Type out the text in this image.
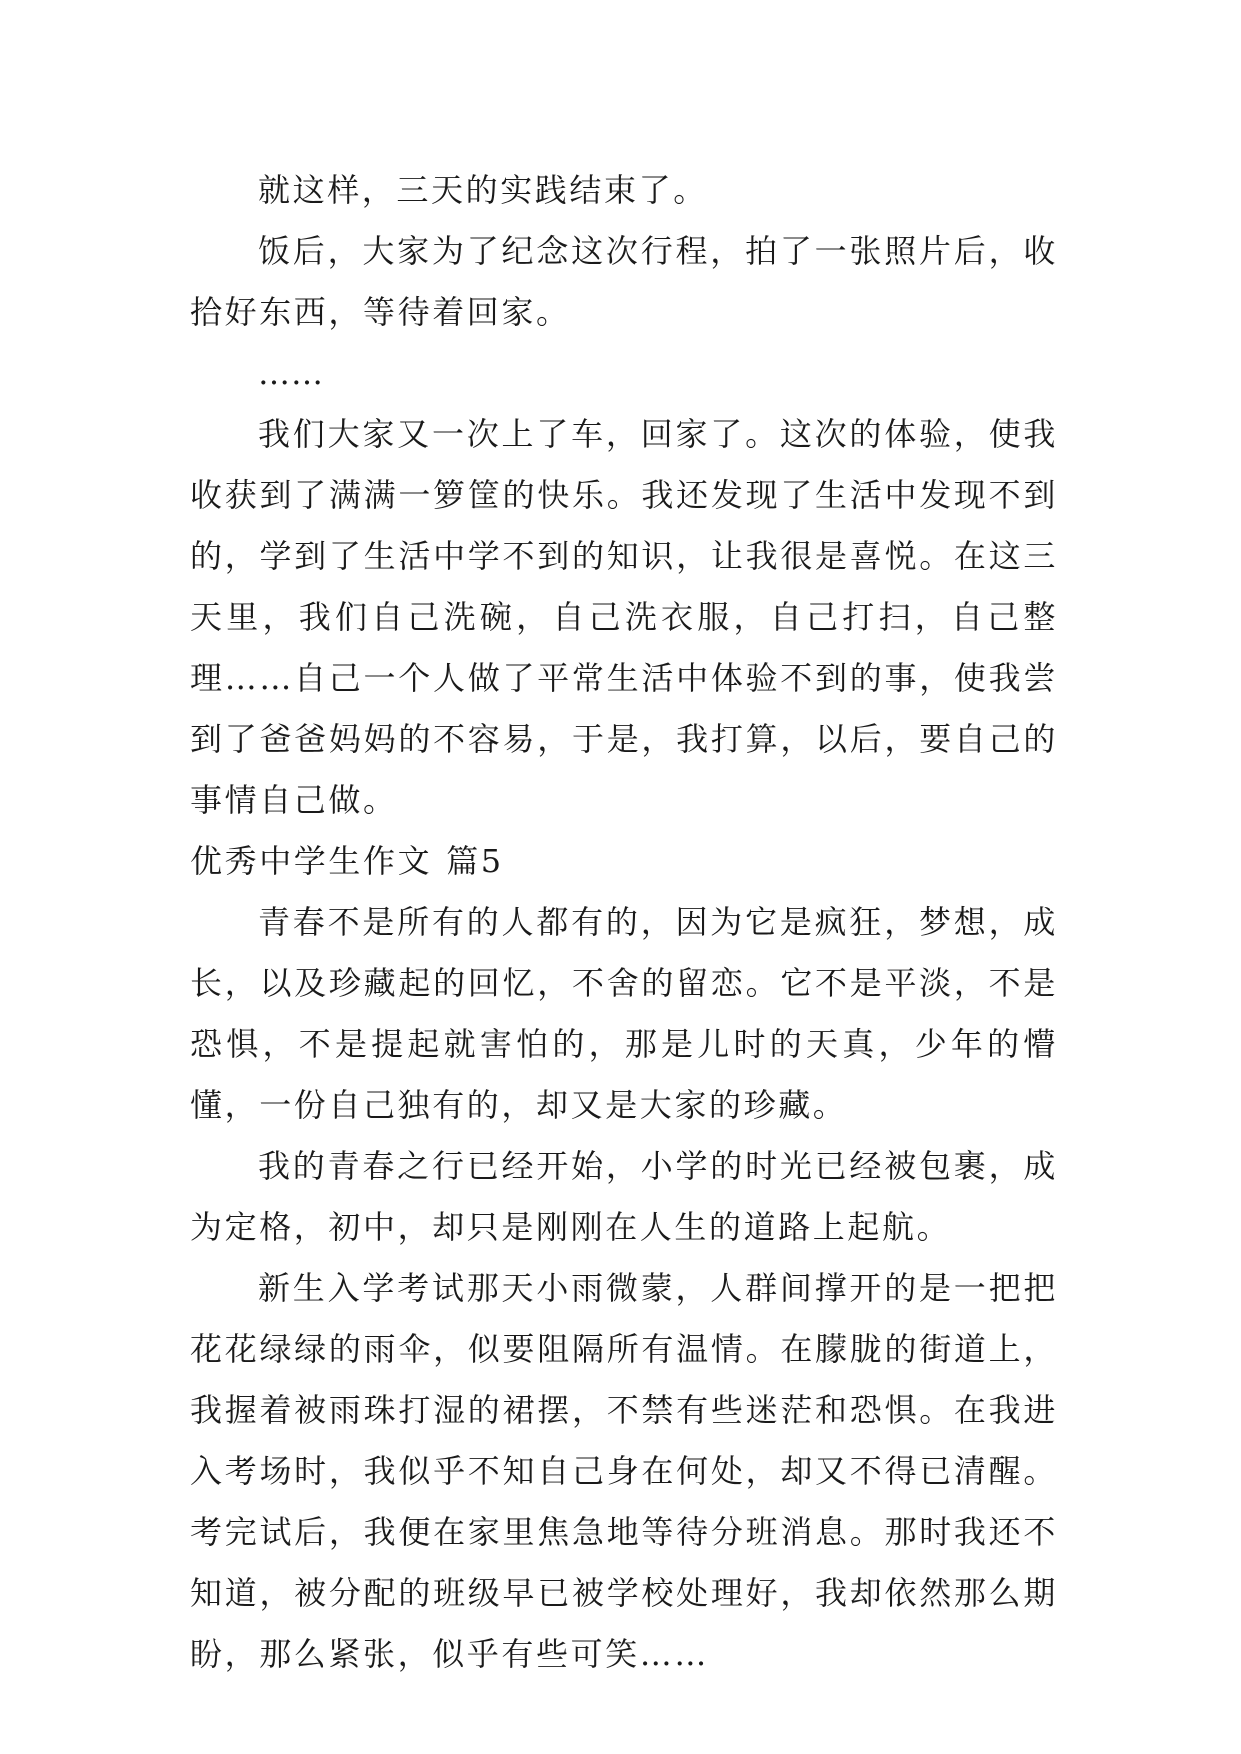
就这样，三天的实践结束了。

饭后，大家为了纪念这次行程，拍了一张照片后，收拾好东西，等待着回家。

……

我们大家又一次上了车，回家了。这次的体验，使我收获到了满满一箩筐的快乐。我还发现了生活中发现不到的，学到了生活中学不到的知识，让我很是喜悦。在这三天里，我们自己洗碗，自己洗衣服，自己打扫，自己整理……自己一个人做了平常生活中体验不到的事，使我尝到了爸爸妈妈的不容易，于是，我打算，以后，要自己的事情自己做。

优秀中学生作文 篇5

青春不是所有的人都有的，因为它是疯狂，梦想，成长，以及珍藏起的回忆，不舍的留恋。它不是平淡，不是恐惧，不是提起就害怕的，那是儿时的天真，少年的懵懂，一份自己独有的，却又是大家的珍藏。

我的青春之行已经开始，小学的时光已经被包裹，成为定格，初中，却只是刚刚在人生的道路上起航。

新生入学考试那天小雨微蒙，人群间撑开的是一把把花花绿绿的雨伞，似要阻隔所有温情。在朦胧的街道上，我握着被雨珠打湿的裙摆，不禁有些迷茫和恐惧。在我进入考场时，我似乎不知自己身在何处，却又不得已清醒。考完试后，我便在家里焦急地等待分班消息。那时我还不知道，被分配的班级早已被学校处理好，我却依然那么期盼，那么紧张，似乎有些可笑……
